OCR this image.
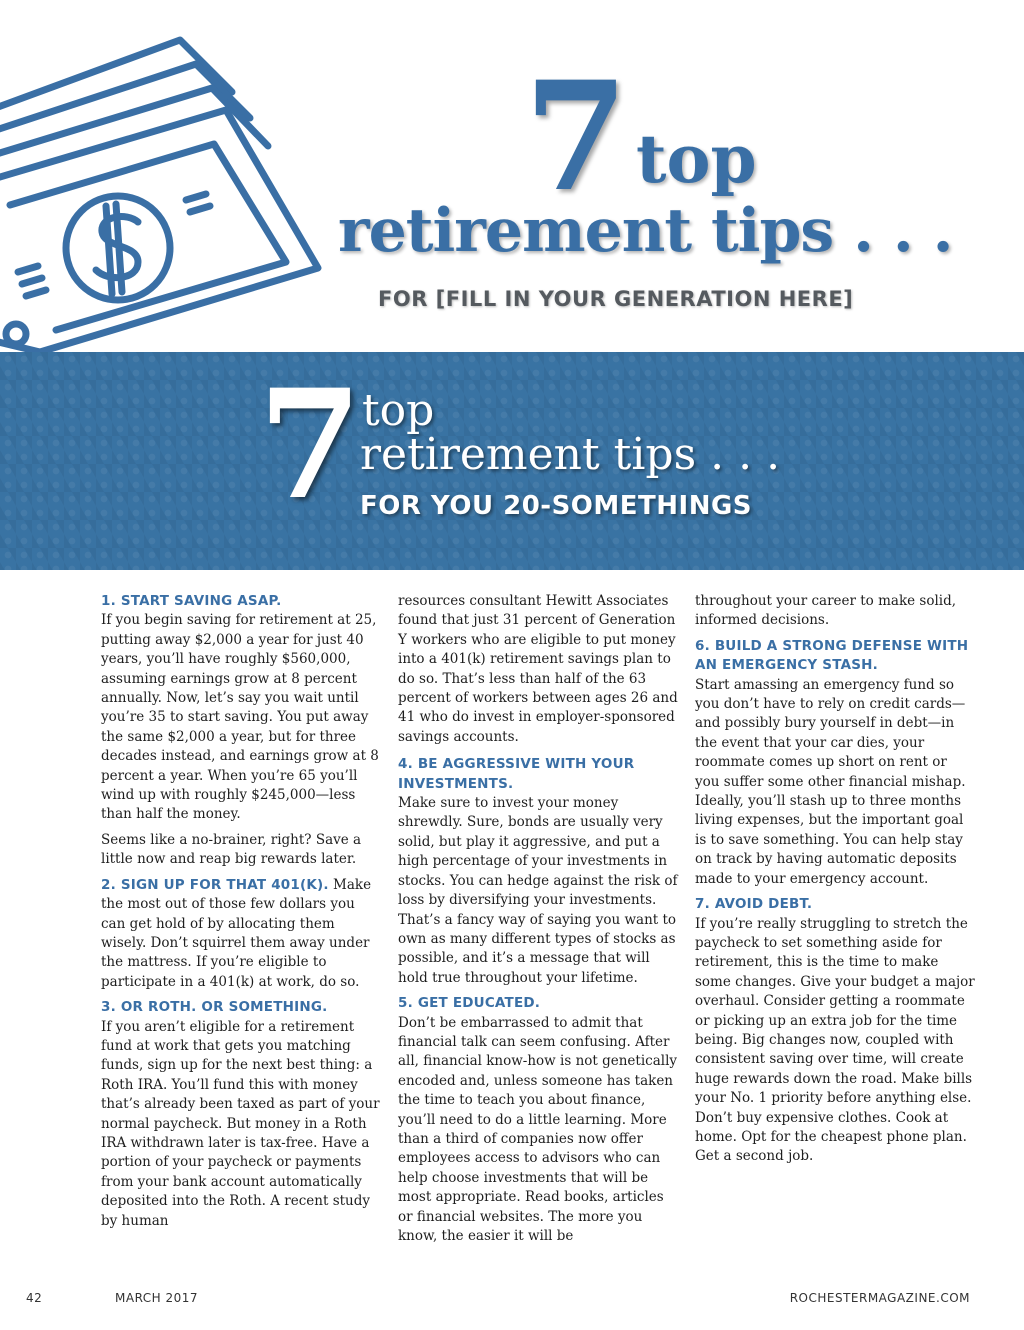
7 top
retirement tips . . .
FOR [FILL IN YOUR GENERATION HERE]
7 top
retirement tips . . .
FOR YOU 20-SOMETHINGS
1. START SAVING ASAP.

If you begin saving for retirement at 25, putting away $2,000 a year for just 40 years, you’ll have roughly $560,000, assuming earnings grow at 8 percent annually. Now, let’s say you wait until you’re 35 to start saving. You put away the same $2,000 a year, but for three decades instead, and earnings grow at 8 percent a year. When you’re 65 you’ll wind up with roughly $245,000—less than half the money.

Seems like a no-brainer, right? Save a little now and reap big rewards later.

2. SIGN UP FOR THAT 401(K). Make the most out of those few dollars you can get hold of by allocating them wisely. Don’t squirrel them away under the mattress. If you’re eligible to participate in a 401(k) at work, do so.

3. OR ROTH. OR SOMETHING.

If you aren’t eligible for a retirement fund at work that gets you matching funds, sign up for the next best thing: a Roth IRA. You’ll fund this with money that’s already been taxed as part of your normal paycheck. But money in a Roth IRA withdrawn later is tax-free. Have a portion of your paycheck or payments from your bank account automatically deposited into the Roth. A recent study by human

resources consultant Hewitt Associates found that just 31 percent of Generation Y workers who are eligible to put money into a 401(k) retirement savings plan to do so. That’s less than half of the 63 percent of workers between ages 26 and 41 who do invest in employer-sponsored savings accounts.

4. BE AGGRESSIVE WITH YOUR INVESTMENTS.

Make sure to invest your money shrewdly. Sure, bonds are usually very solid, but play it aggressive, and put a high percentage of your investments in stocks. You can hedge against the risk of loss by diversifying your investments. That’s a fancy way of saying you want to own as many different types of stocks as possible, and it’s a message that will hold true throughout your lifetime.

5. GET EDUCATED.

Don’t be embarrassed to admit that financial talk can seem confusing. After all, financial know-how is not genetically encoded and, unless someone has taken the time to teach you about finance, you’ll need to do a little learning. More than a third of companies now offer employees access to advisors who can help choose investments that will be most appropriate. Read books, articles or financial websites. The more you know, the easier it will be

throughout your career to make solid, informed decisions.

6. BUILD A STRONG DEFENSE WITH AN EMERGENCY STASH.

Start amassing an emergency fund so you don’t have to rely on credit cards—and possibly bury yourself in debt—in the event that your car dies, your roommate comes up short on rent or you suffer some other financial mishap. Ideally, you’ll stash up to three months living expenses, but the important goal is to save something. You can help stay on track by having automatic deposits made to your emergency account.

7. AVOID DEBT.

If you’re really struggling to stretch the paycheck to set something aside for retirement, this is the time to make some changes. Give your budget a major overhaul. Consider getting a roommate or picking up an extra job for the time being. Big changes now, coupled with consistent saving over time, will create huge rewards down the road. Make bills your No. 1 priority before anything else. Don’t buy expensive clothes. Cook at home. Opt for the cheapest phone plan. Get a second job.

42	MARCH 2017	ROCHESTERMAGAZINE.COM
